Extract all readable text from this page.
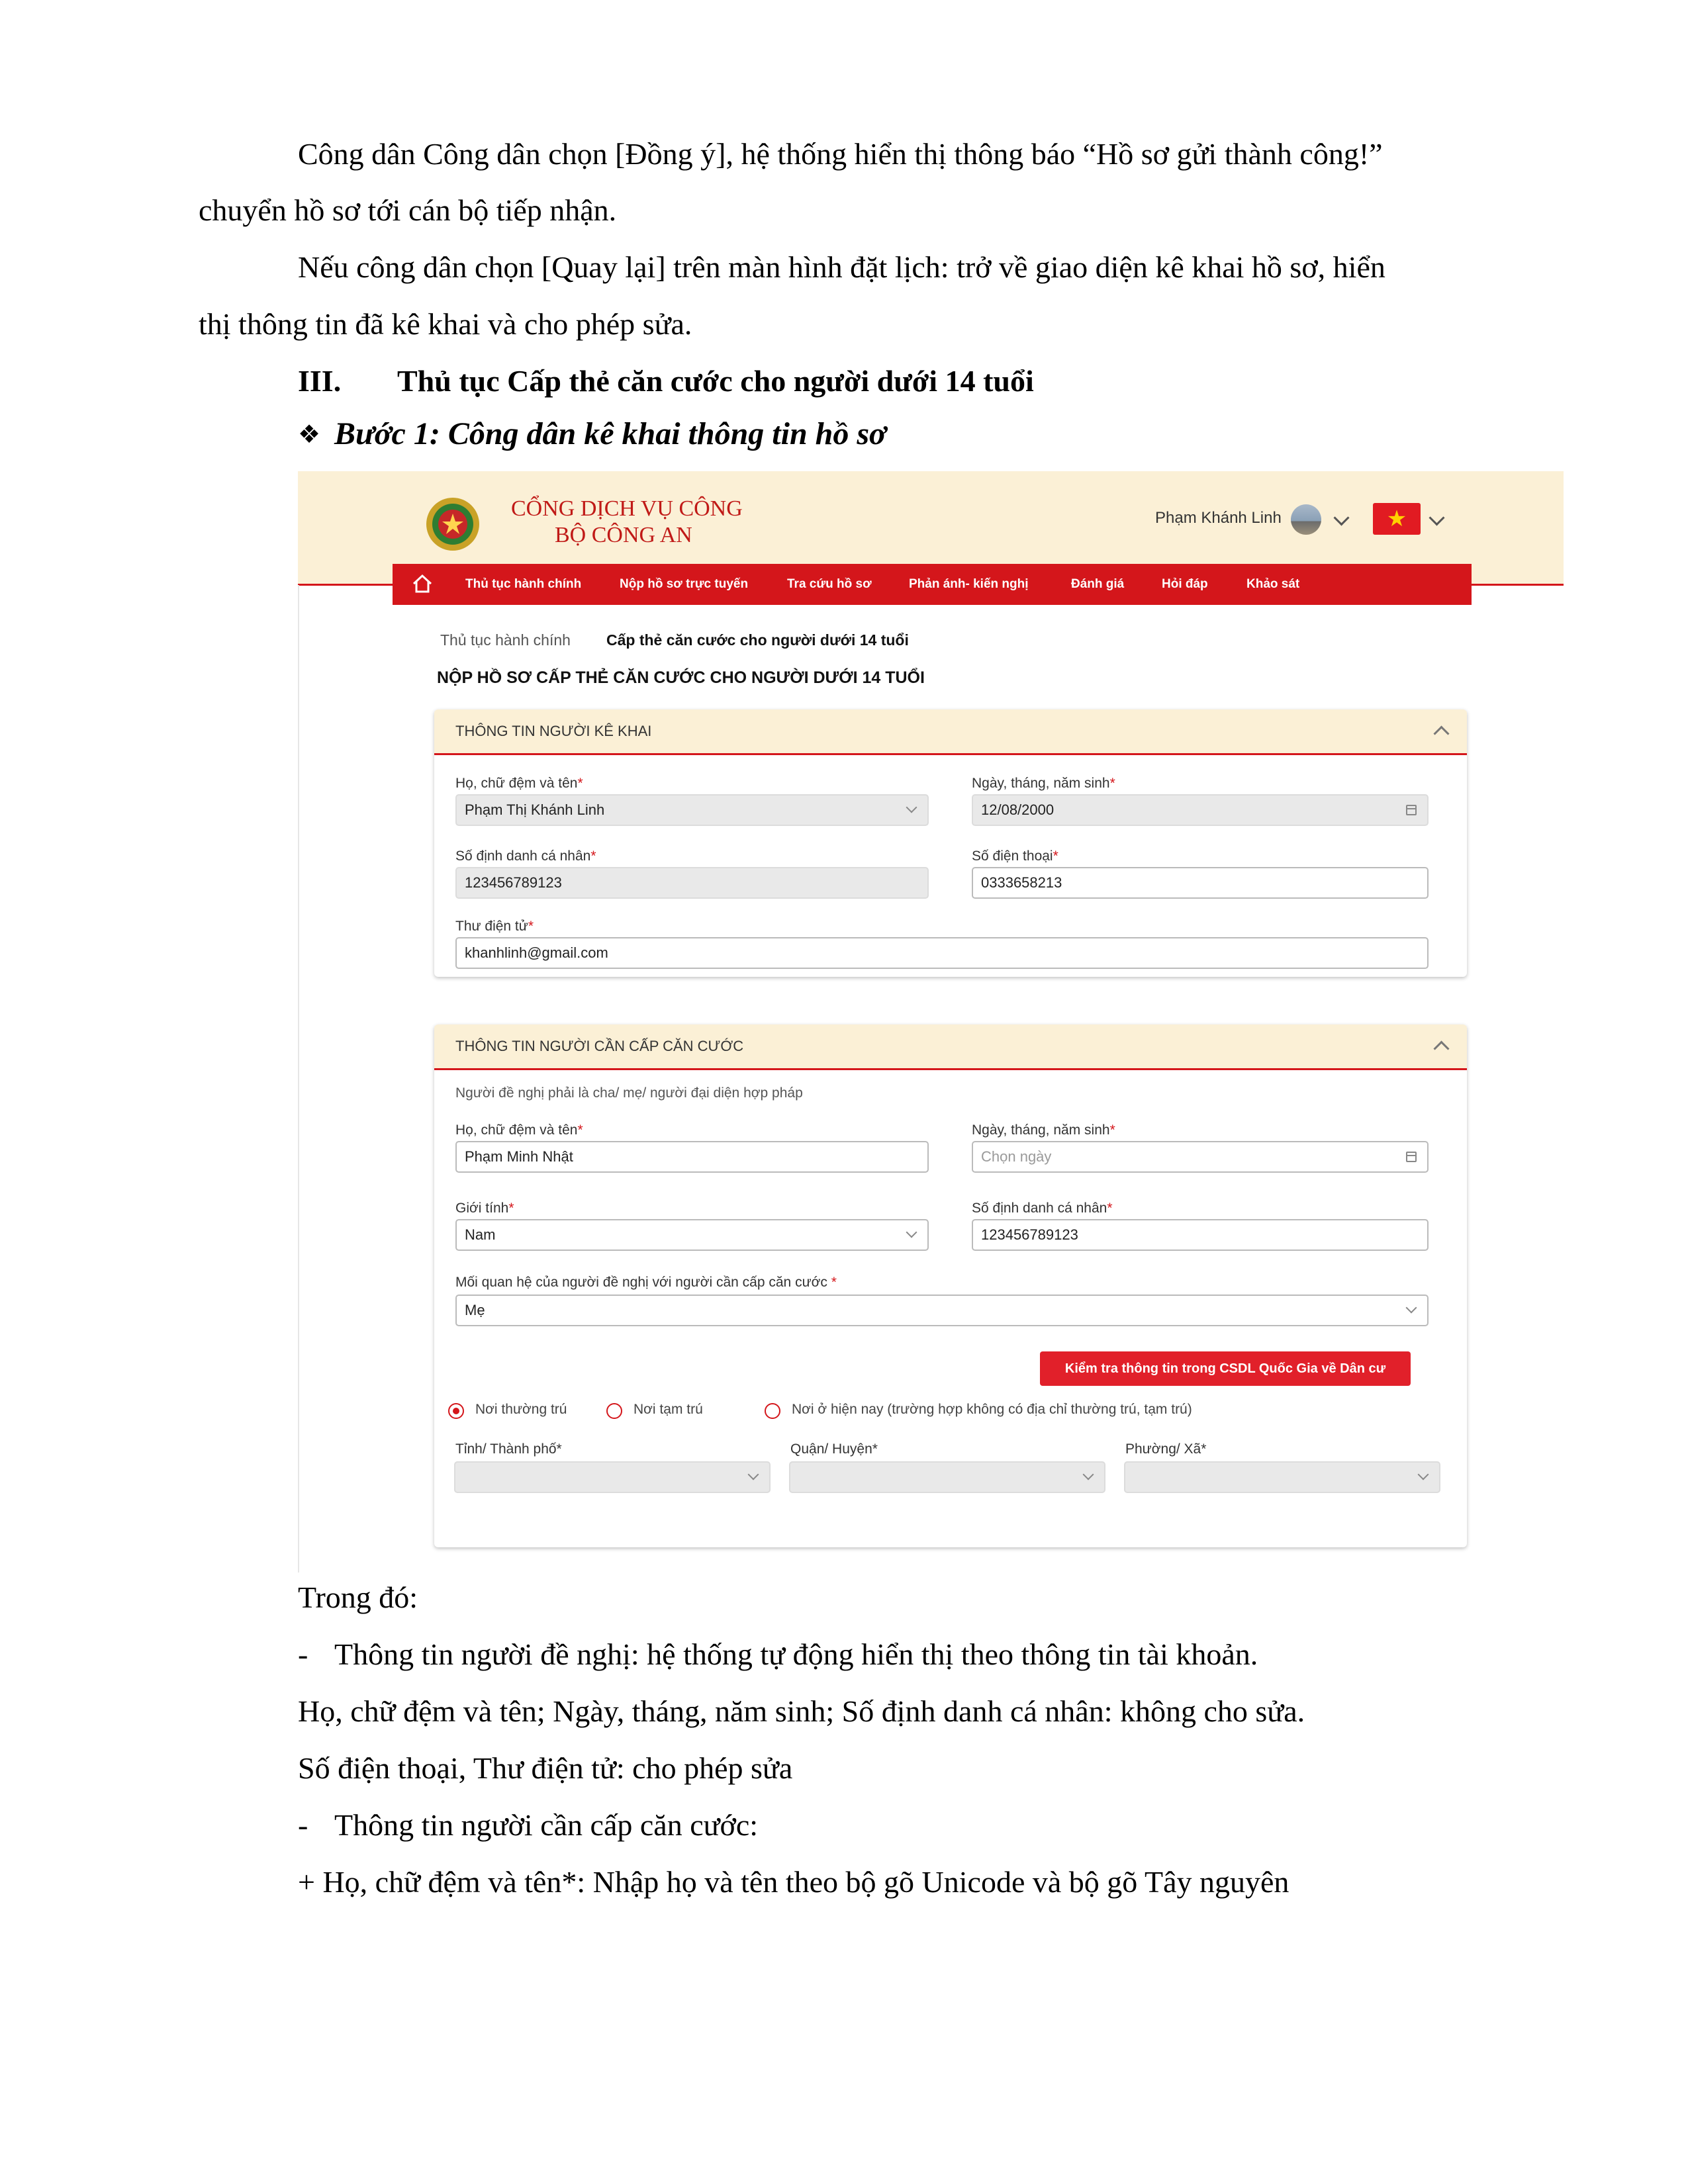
Công dân Công dân chọn [Đồng ý], hệ thống hiển thị thông báo “Hồ sơ gửi thành công!”
chuyển hồ sơ tới cán bộ tiếp nhận.
Nếu công dân chọn [Quay lại] trên màn hình đặt lịch: trở về giao diện kê khai hồ sơ, hiển
thị thông tin đã kê khai và cho phép sửa.
III. Thủ tục Cấp thẻ căn cước cho người dưới 14 tuổi
❖ Bước 1: Công dân kê khai thông tin hồ sơ
CỔNG DỊCH VỤ CÔNG
BỘ CÔNG AN
Phạm Khánh Linh	★
Thủ tục hành chính	Nộp hồ sơ trực tuyến	Tra cứu hồ sơ	Phản ánh- kiến nghị	Đánh giá	Hỏi đáp	Khảo sát
Thủ tục hành chính Cấp thẻ căn cước cho người dưới 14 tuổi
NỘP HỒ SƠ CẤP THẺ CĂN CƯỚC CHO NGƯỜI DƯỚI 14 TUỔI
THÔNG TIN NGƯỜI KÊ KHAI
Họ, chữ đệm và tên*
Phạm Thị Khánh Linh
Ngày, tháng, năm sinh*
12/08/2000
Số định danh cá nhân*
123456789123
Số điện thoại*
0333658213
Thư điện tử*
khanhlinh@gmail.com
THÔNG TIN NGƯỜI CẦN CẤP CĂN CƯỚC
Người đề nghị phải là cha/ mẹ/ người đại diện hợp pháp
Họ, chữ đệm và tên*
Phạm Minh Nhật
Ngày, tháng, năm sinh*
Chọn ngày
Giới tính*
Nam
Số định danh cá nhân*
123456789123
Mối quan hệ của người đề nghị với người cần cấp căn cước *
Mẹ
Kiểm tra thông tin trong CSDL Quốc Gia về Dân cư
Nơi thường trú	Nơi tạm trú	Nơi ở hiện nay (trường hợp không có địa chỉ thường trú, tạm trú)
Tỉnh/ Thành phố*	Quận/ Huyện*	Phường/ Xã*
Trong đó:
- Thông tin người đề nghị: hệ thống tự động hiển thị theo thông tin tài khoản.
Họ, chữ đệm và tên; Ngày, tháng, năm sinh; Số định danh cá nhân: không cho sửa.
Số điện thoại, Thư điện tử: cho phép sửa
- Thông tin người cần cấp căn cước:
+ Họ, chữ đệm và tên*: Nhập họ và tên theo bộ gõ Unicode và bộ gõ Tây nguyên
